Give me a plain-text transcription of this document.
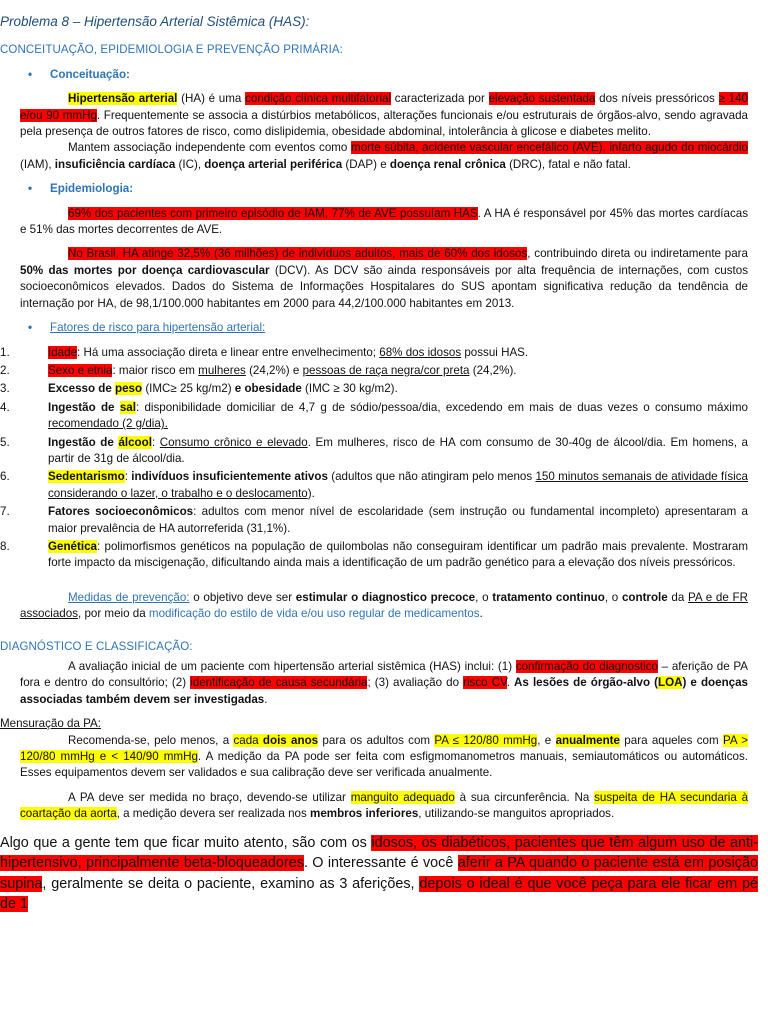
Problema 8 – Hipertensão Arterial Sistêmica (HAS):
CONCEITUAÇÃO, EPIDEMIOLOGIA E PREVENÇÃO PRIMÁRIA:
• Conceituação:

Hipertensão arterial (HA) é uma condição clínica multifatorial caracterizada por elevação sustentada dos níveis pressóricos ≥ 140 e/ou 90 mmHg. Frequentemente se associa a distúrbios metabólicos, alterações funcionais e/ou estruturais de órgãos-alvo, sendo agravada pela presença de outros fatores de risco, como dislipidemia, obesidade abdominal, intolerância à glicose e diabetes melito.

Mantem associação independente com eventos como morte súbita, acidente vascular encefálico (AVE), infarto agudo do miocárdio (IAM), insuficiência cardíaca (IC), doença arterial periférica (DAP) e doença renal crônica (DRC), fatal e não fatal.

• Epidemiologia:

69% dos pacientes com primeiro episódio de IAM, 77% de AVE possuíam HAS. A HA é responsável por 45% das mortes cardíacas e 51% das mortes decorrentes de AVE.

No Brasil, HA atinge 32,5% (36 milhões) de indivíduos adultos, mais de 60% dos idosos, contribuindo direta ou indiretamente para 50% das mortes por doença cardiovascular (DCV). As DCV são ainda responsáveis por alta frequência de internações, com custos socioeconômicos elevados. Dados do Sistema de Informações Hospitalares do SUS apontam significativa redução da tendência de internação por HA, de 98,1/100.000 habitantes em 2000 para 44,2/100.000 habitantes em 2013.

• Fatores de risco para hipertensão arterial:
1.	Idade: Há uma associação direta e linear entre envelhecimento; 68% dos idosos possui HAS.
2.	Sexo e etnia: maior risco em mulheres (24,2%) e pessoas de raça negra/cor preta (24,2%).
3.	Excesso de peso (IMC≥ 25 kg/m2) e obesidade (IMC ≥ 30 kg/m2).
4.	Ingestão de sal: disponibilidade domiciliar de 4,7 g de sódio/pessoa/dia, excedendo em mais de duas vezes o consumo máximo recomendado (2 g/dia).
5.	Ingestão de álcool: Consumo crônico e elevado. Em mulheres, risco de HA com consumo de 30-40g de álcool/dia. Em homens, a partir de 31g de álcool/dia.
6.	Sedentarismo: indivíduos insuficientemente ativos (adultos que não atingiram pelo menos 150 minutos semanais de atividade física considerando o lazer, o trabalho e o deslocamento).
7.	Fatores socioeconômicos: adultos com menor nível de escolaridade (sem instrução ou fundamental incompleto) apresentaram a maior prevalência de HA autorreferida (31,1%).
8.	Genética: polimorfismos genéticos na população de quilombolas não conseguiram identificar um padrão mais prevalente. Mostraram forte impacto da miscigenação, dificultando ainda mais a identificação de um padrão genético para a elevação dos níveis pressóricos.

Medidas de prevenção: o objetivo deve ser estimular o diagnostico precoce, o tratamento continuo, o controle da PA e de FR associados, por meio da modificação do estilo de vida e/ou uso regular de medicamentos.

DIAGNÓSTICO E CLASSIFICAÇÃO:

A avaliação inicial de um paciente com hipertensão arterial sistêmica (HAS) inclui: (1) confirmação do diagnostico – aferição de PA fora e dentro do consultório; (2) identificação de causa secundária; (3) avaliação do risco CV. As lesões de órgão-alvo (LOA) e doenças associadas também devem ser investigadas.

Mensuração da PA:

Recomenda-se, pelo menos, a cada dois anos para os adultos com PA ≤ 120/80 mmHg, e anualmente para aqueles com PA > 120/80 mmHg e < 140/90 mmHg. A medição da PA pode ser feita com esfigmomanometros manuais, semiautomáticos ou automáticos. Esses equipamentos devem ser validados e sua calibração deve ser verificada anualmente.

A PA deve ser medida no braço, devendo-se utilizar manguito adequado à sua circunferência. Na suspeita de HA secundaria à coartação da aorta, a medição devera ser realizada nos membros inferiores, utilizando-se manguitos apropriados.

Algo que a gente tem que ficar muito atento, são com os idosos, os diabéticos, pacientes que têm algum uso de anti-hipertensivo, principalmente beta-bloqueadores. O interessante é você aferir a PA quando o paciente está em posição supina, geralmente se deita o paciente, examino as 3 aferições, depois o ideal é que você peça para ele ficar em pé de 1
